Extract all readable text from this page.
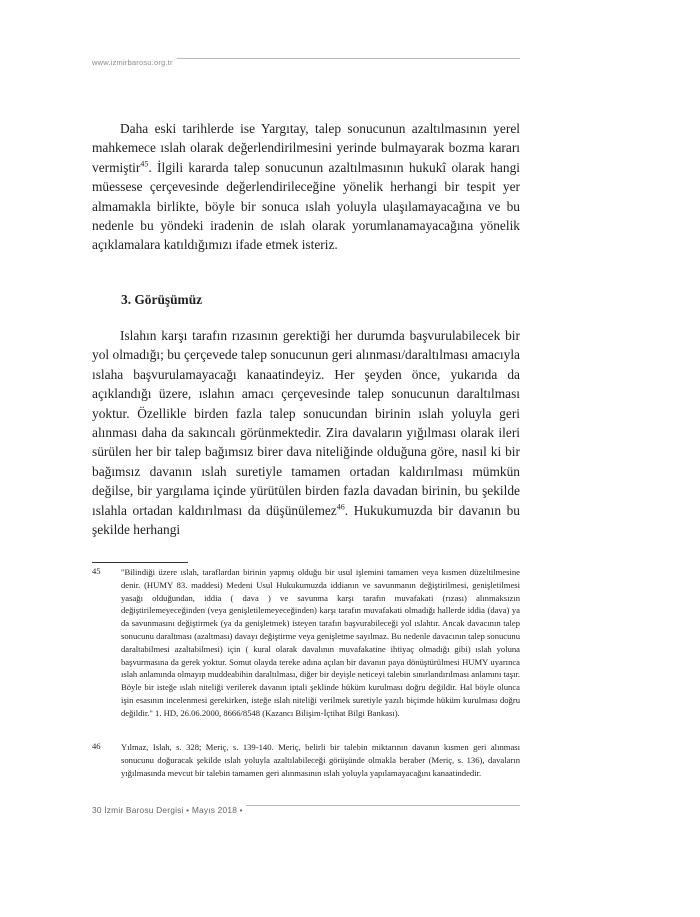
www.izmirbarosu.org.tr

Daha eski tarihlerde ise Yargıtay, talep sonucunun azaltılmasının yerel mahkemece ıslah olarak değerlendirilmesini yerinde bulmayarak bozma kararı vermiştir$^{45}$. İlgili kararda talep sonucunun azaltılmasının hukukî olarak hangi müessese çerçevesinde değerlendirileceğine yönelik herhangi bir tespit yer almamakla birlikte, böyle bir sonuca ıslah yoluyla ulaşılamayacağına ve bu nedenle bu yöndeki iradenin de ıslah olarak yorumlanamayacağına yönelik açıklamalara katıldığımızı ifade etmek isteriz.

3. Görüşümüz

Islahın karşı tarafın rızasının gerektiği her durumda başvurulabilecek bir yol olmadığı; bu çerçevede talep sonucunun geri alınması/daraltılması amacıyla ıslaha başvurulamayacağı kanaatindeyiz. Her şeyden önce, yukarıda da açıklandığı üzere, ıslahın amacı çerçevesinde talep sonucunun daraltılması yoktur. Özellikle birden fazla talep sonucundan birinin ıslah yoluyla geri alınması daha da sakıncalı görünmektedir. Zira davaların yığılması olarak ileri sürülen her bir talep bağımsız birer dava niteliğinde olduğuna göre, nasıl ki bir bağımsız davanın ıslah suretiyle tamamen ortadan kaldırılması mümkün değilse, bir yargılama içinde yürütülen birden fazla davadan birinin, bu şekilde ıslahla ortadan kaldırılması da düşünülemez$^{46}$. Hukukumuzda bir davanın bu şekilde herhangi

45 "Bilindiği üzere ıslah, taraflardan birinin yapmış olduğu bir usul işlemini tamamen veya kısmen düzeltilmesine denir. (HUMY 83. maddesi) Medeni Usul Hukukumuzda iddianın ve savunmanın değiştirilmesi, genişletilmesi yasağı olduğundan, iddia ( dava ) ve savunma karşı tarafın muvafakati (rızası) alınmaksızın değiştirilemeyeceğinden (veya genişletilemeyeceğinden) karşı tarafın muvafakati olmadığı hallerde iddia (dava) ya da savunmasını değiştirmek (ya da genişletmek) isteyen tarafın başvurabileceği yol ıslahtır. Ancak davacının talep sonucunu daraltması (azaltması) davayı değiştirme veya genişletme sayılmaz. Bu nedenle davacının talep sonucunu daraltabilmesi azaltabilmesi) için ( kural olarak davalının muvafakatine ihtiyaç olmadığı gibi) ıslah yoluna başvurmasına da gerek yoktur. Somut olayda tereke adına açılan bir davanın paya dönüştürülmesi HUMY uyarınca ıslah anlamında olmayıp muddeabihin daraltılması, diğer bir deyişle neticeyi talebin sınırlandırılması anlamını taşır. Böyle bir isteğe ıslah niteliği verilerek davanın iptali şeklinde hüküm kurulması doğru değildir. Hal böyle olunca işin esasının incelenmesi gerekirken, isteğe ıslah niteliği verilmek suretiyle yazılı biçimde hüküm kurulması doğru değildir." 1. HD, 26.06.2000, 8666/8548 (Kazancı Bilişim-İçtihat Bilgi Bankası).
46 Yılmaz, Islah, s. 328; Meriç, s. 139-140. Meriç, belirli bir talebin miktarının davanın kısmen geri alınması sonucunu doğuracak şekilde ıslah yoluyla azaltılabileceği görüşünde olmakla beraber (Meriç, s. 136), davaların yığılmasında mevcut bir talebin tamamen geri alınmasının ıslah yoluyla yapılamayacağını kanaatindedir.
30 İzmir Barosu Dergisi • Mayıs 2018 •
